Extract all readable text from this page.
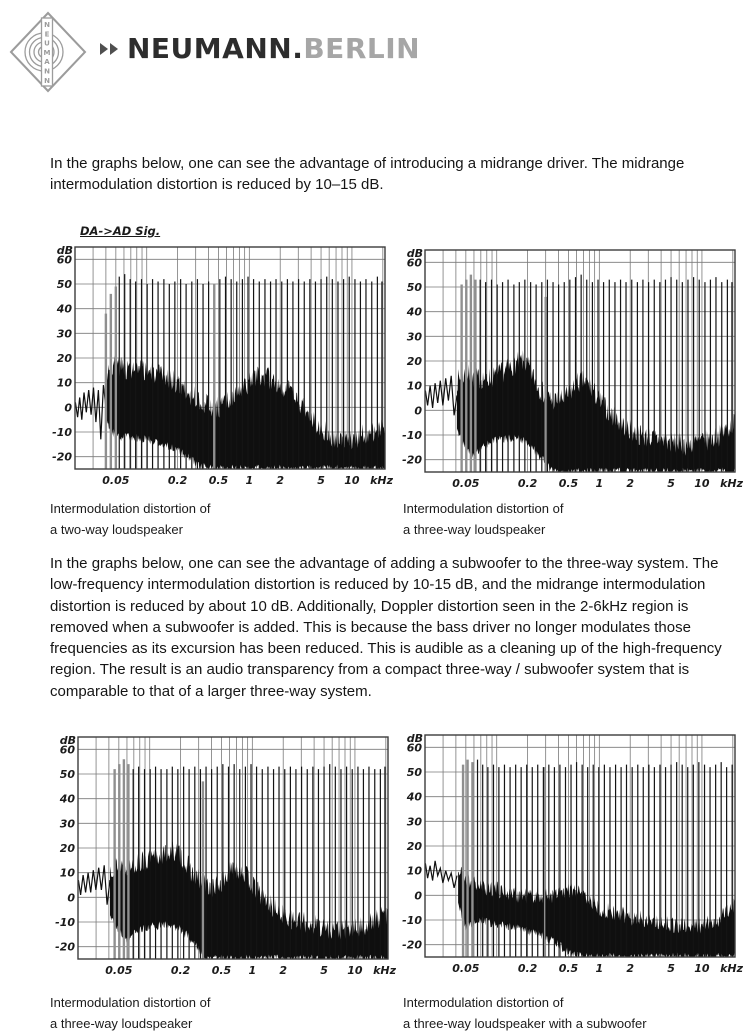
N
E
U
M
A
N
N
NEUMANN.BERLIN

In the graphs below, one can see the advantage of introducing a midrange driver. The midrange intermodulation distortion is reduced by 10–15 dB.

DA->AD Sig.
60
50
40
30
20
10
0
-10
-20
dB
0.05	0.2 0.5 1 2	5 10 kHz
60
50
40
30
20
10
0
-10
-20
dB
0.05	0.2 0.5 1 2	5 10 kHz
Intermodulation distortion of
a two-way loudspeaker
Intermodulation distortion of
a three-way loudspeaker

In the graphs below, one can see the advantage of adding a subwoofer to the three-way system. The low-frequency intermodulation distortion is reduced by 10-15 dB, and the midrange intermodulation distortion is reduced by about 10 dB. Additionally, Doppler distortion seen in the 2-6kHz region is removed when a subwoofer is added. This is because the bass driver no longer modulates those frequencies as its excursion has been reduced. This is audible as a cleaning up of the high-frequency region. The result is an audio transparency from a compact three-way / subwoofer system that is comparable to that of a larger three-way system.

60
50
40
30
20
10
0
-10
-20
dB
0.05	0.2 0.5 1 2	5 10 kHz
60
50
40
30
20
10
0
-10
-20
dB
0.05	0.2 0.5 1 2	5 10 kHz
Intermodulation distortion of
a three-way loudspeaker
Intermodulation distortion of
a three-way loudspeaker with a subwoofer
